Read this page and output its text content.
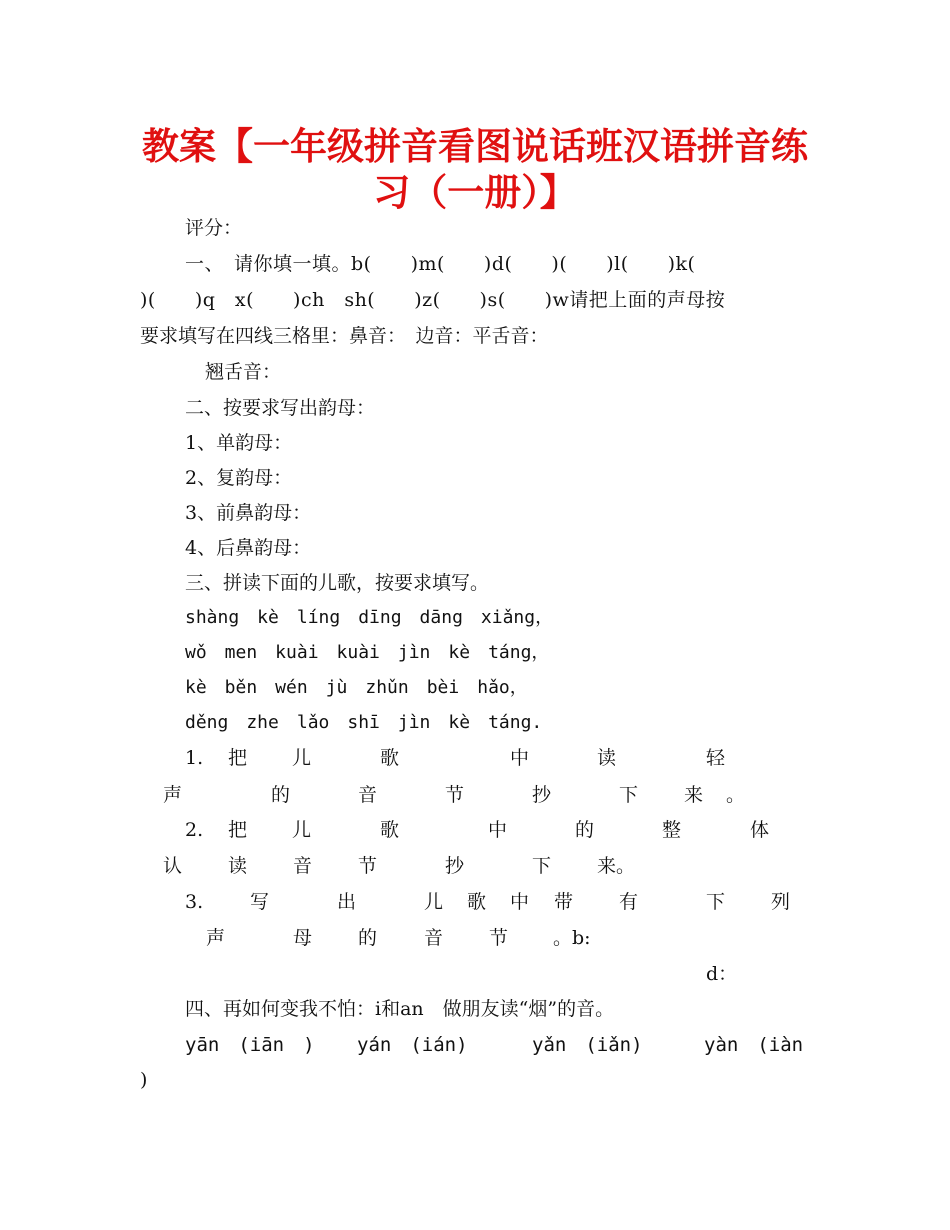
教案【一年级拼音看图说话班汉语拼音练
习（一册）】

评分：

一、　请你填一填。b(　　)m(　　)d(　　)(　　)l(　　)k(

)(　　)q　x(　　)ch　sh(　　)z(　　)s(　　)w请把上面的声母按

要求填写在四线三格里：鼻音：　边音：平舌音：

翘舌音：

二、按要求写出韵母：

1、单韵母：

2、复韵母：

3、前鼻韵母：

4、后鼻韵母：

三、拼读下面的儿歌，按要求填写。

shàng　kè　líng　dīng　dāng　xiǎng，

wǒ　men　kuài　kuài　jìn　kè　táng，

kè　běn　wén　jù　zhǔn　bèi　hǎo，

děng　zhe　lǎo　shī　jìn　kè　táng.

1. 把 儿	歌	中	读	轻
声	的	音	节	抄	下 来 。
2. 把 儿	歌	中	的	整	体
认 读 音 节	抄	下 来。
3. 写	出	儿 歌 中 带 有	下 列
声	母 的 音 节 。b:
d：

四、再如何变我不怕：i和an　做朋友读“烟”的音。

yān　(iān　) yán　(ián)	yǎn　(iǎn)	yàn　(iàn
)
